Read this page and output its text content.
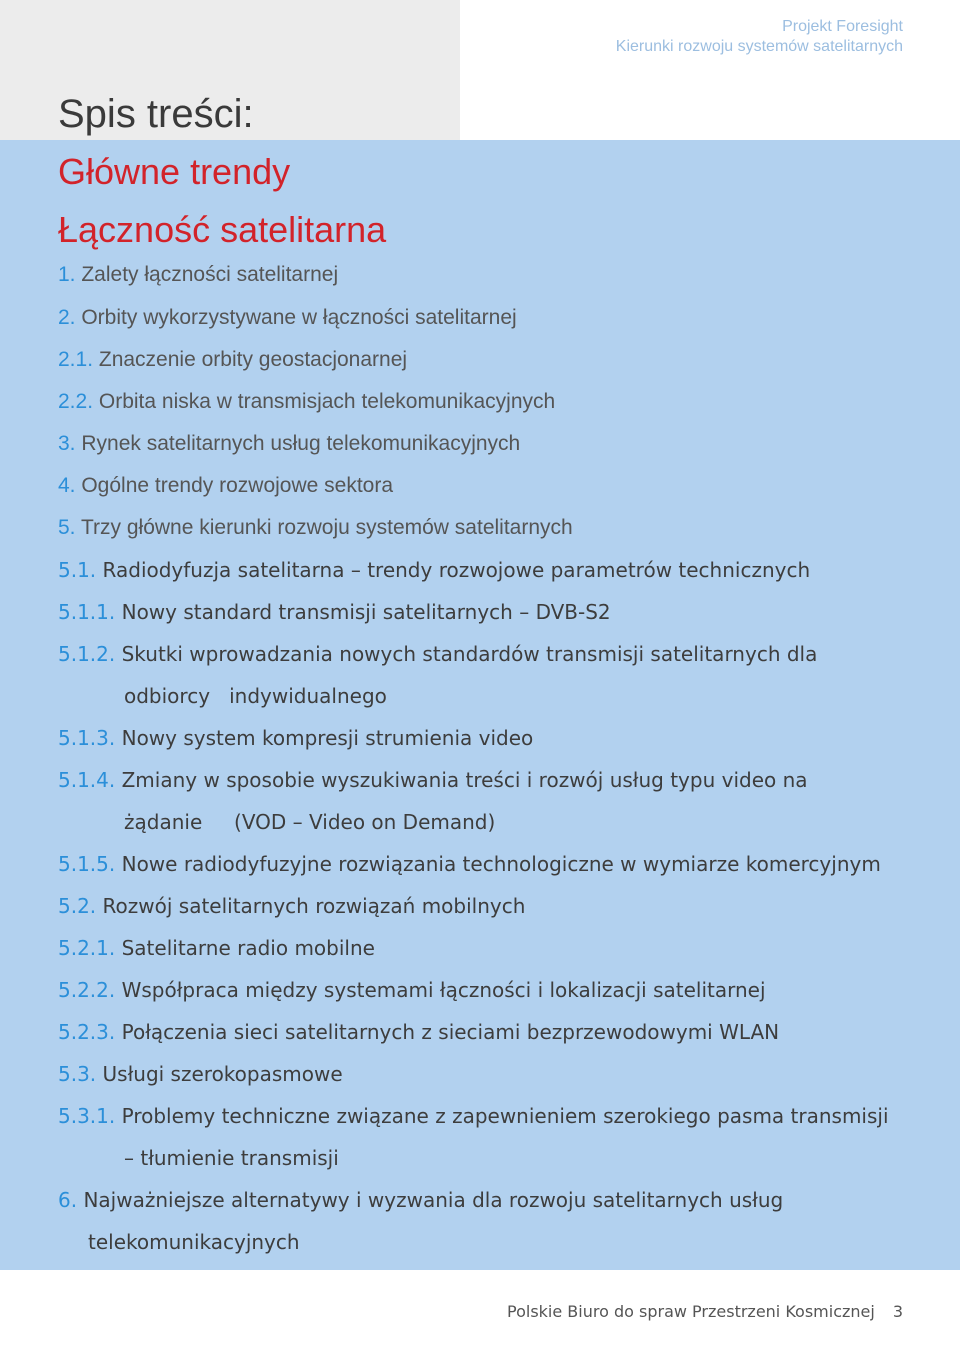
Projekt Foresight
Kierunki rozwoju systemów satelitarnych
Spis treści:
Główne trendy
Łączność satelitarna
1. Zalety łączności satelitarnej
2. Orbity wykorzystywane w łączności satelitarnej
2.1. Znaczenie orbity geostacjonarnej
2.2. Orbita niska w transmisjach telekomunikacyjnych
3. Rynek satelitarnych usług telekomunikacyjnych
4. Ogólne trendy rozwojowe sektora
5. Trzy główne kierunki rozwoju systemów satelitarnych
5.1. Radiodyfuzja satelitarna – trendy rozwojowe parametrów technicznych
5.1.1. Nowy standard transmisji satelitarnych – DVB-S2
5.1.2. Skutki wprowadzania nowych standardów transmisji satelitarnych dla
odbiorcy   indywidualnego
5.1.3. Nowy system kompresji strumienia video
5.1.4. Zmiany w sposobie wyszukiwania treści i rozwój usług typu video na
żądanie     (VOD – Video on Demand)
5.1.5. Nowe radiodyfuzyjne rozwiązania technologiczne w wymiarze komercyjnym
5.2. Rozwój satelitarnych rozwiązań mobilnych
5.2.1. Satelitarne radio mobilne
5.2.2. Współpraca między systemami łączności i lokalizacji satelitarnej
5.2.3. Połączenia sieci satelitarnych z sieciami bezprzewodowymi WLAN
5.3. Usługi szerokopasmowe
5.3.1. Problemy techniczne związane z zapewnieniem szerokiego pasma transmisji
– tłumienie transmisji
6. Najważniejsze alternatywy i wyzwania dla rozwoju satelitarnych usług
telekomunikacyjnych
Polskie Biuro do spraw Przestrzeni Kosmicznej 3
